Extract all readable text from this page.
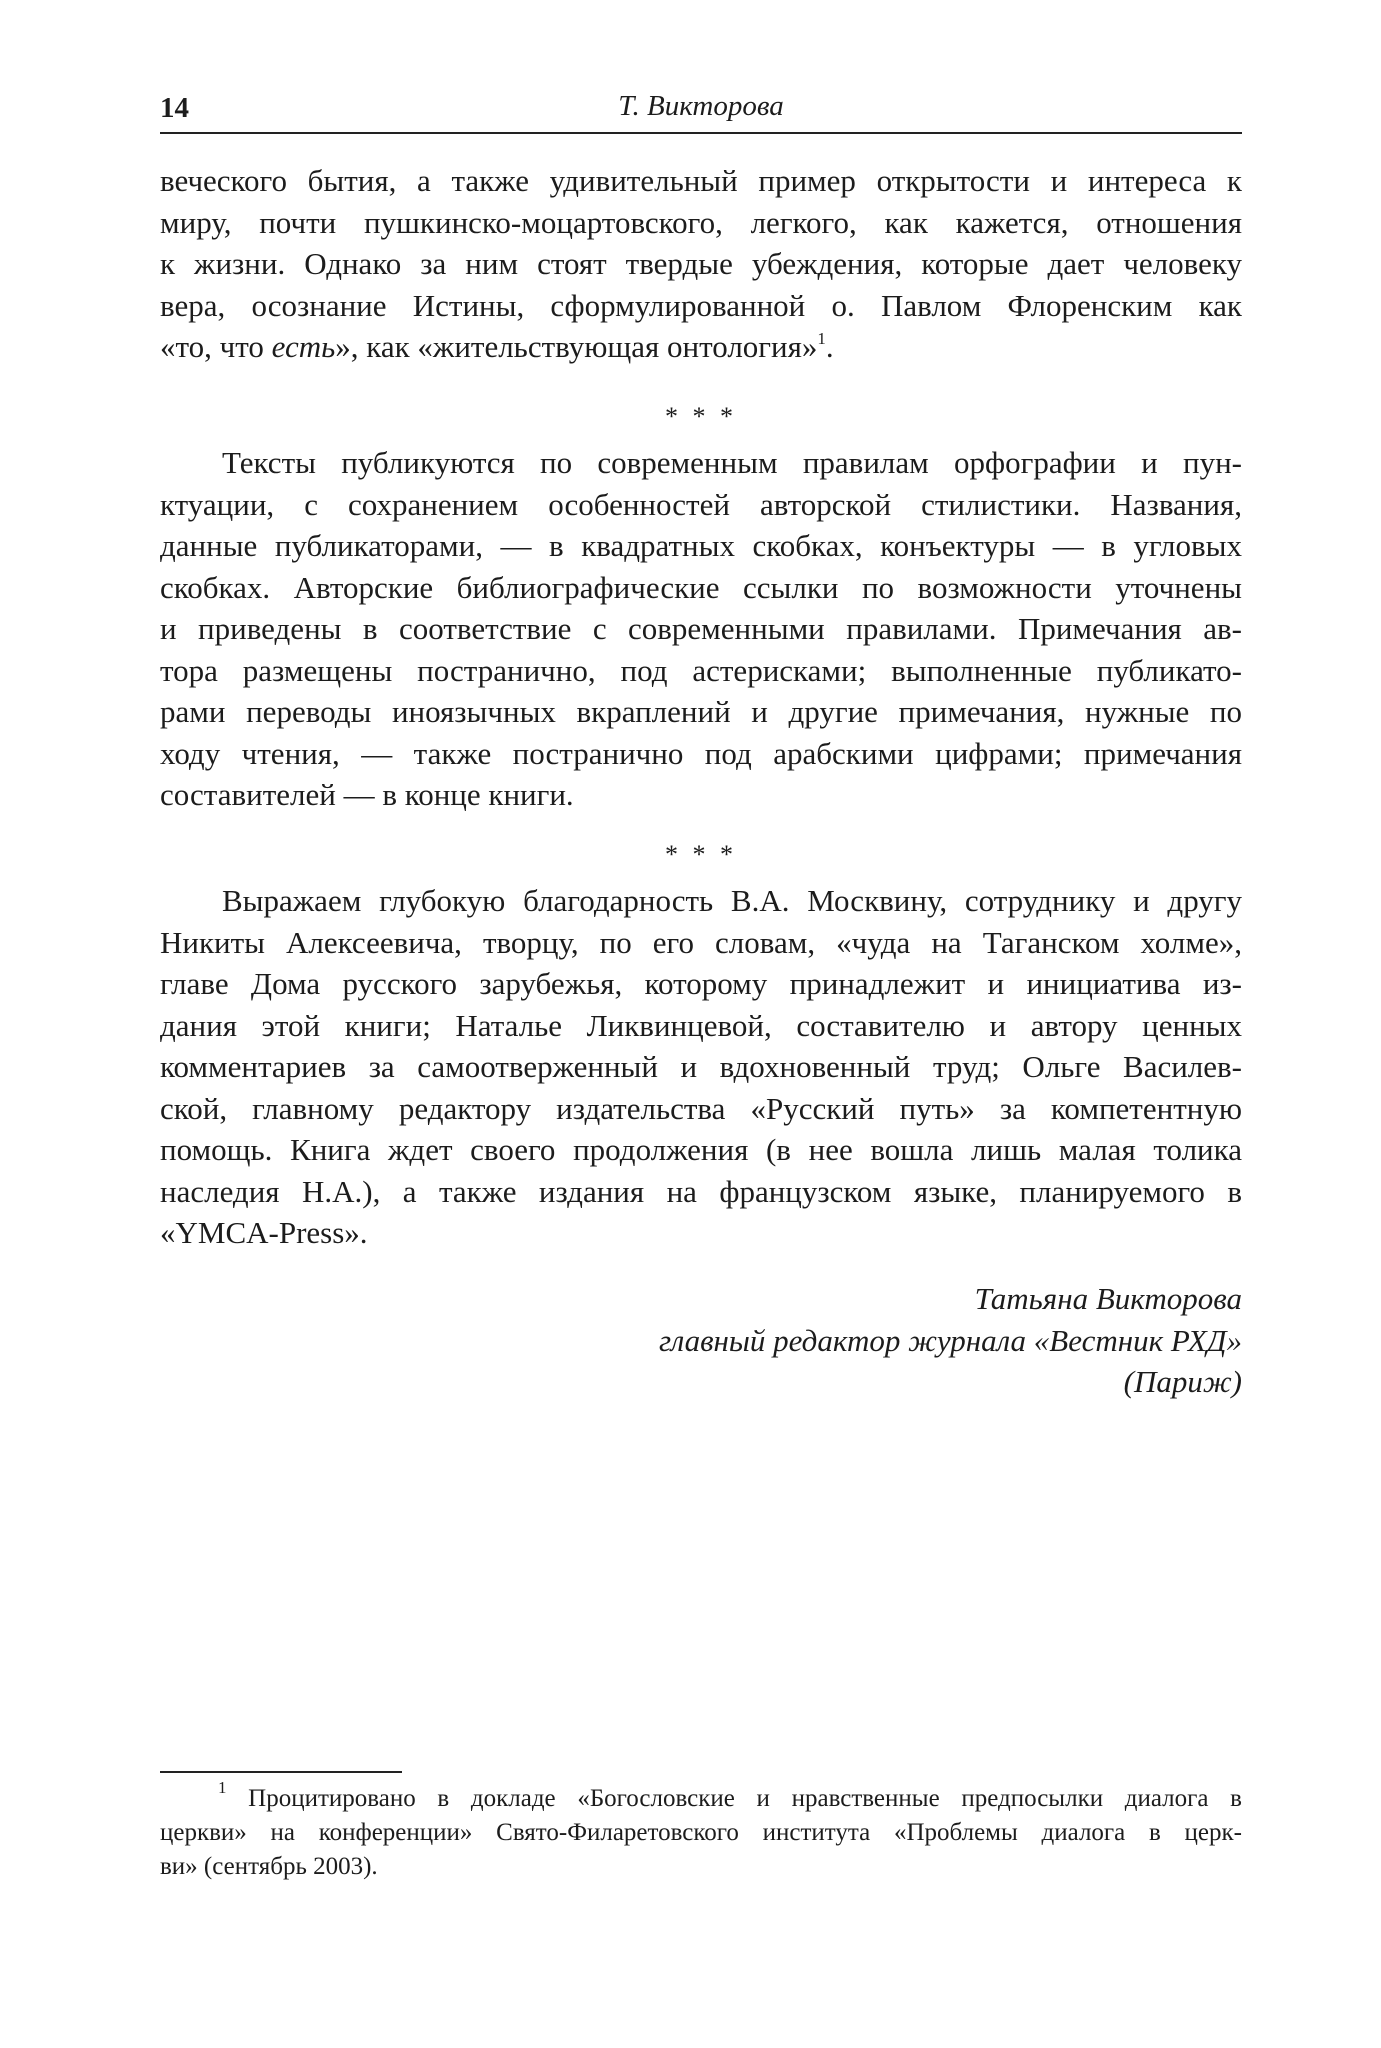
14	Т. Викторова
вечеcкого бытия, а также удивительный пример открытости и интереса к
миру, почти пушкинско-моцартовского, легкого, как кажется, отношения
к жизни. Однако за ним стоят твердые убеждения, которые дает человеку
вера, осознание Истины, сформулированной о. Павлом Флоренским как
«то, что есть», как «жительствующая онтология»$^1$.
* * *
Тексты публикуются по современным правилам орфографии и пун-
ктуации, с сохранением особенностей авторской стилистики. Названия,
данные публикаторами, — в квадратных скобках, конъектуры — в угловых
скобках. Авторские библиографические ссылки по возможности уточнены
и приведены в соответствие с современными правилами. Примечания ав-
тора размещены постранично, под астерисками; выполненные публикато-
рами переводы иноязычных вкраплений и другие примечания, нужные по
ходу чтения, — также постранично под арабскими цифрами; примечания
составителей — в конце книги.
* * *
Выражаем глубокую благодарность В.А. Москвину, сотруднику и другу
Никиты Алексеевича, творцу, по его словам, «чуда на Таганском холме»,
главе Дома русского зарубежья, которому принадлежит и инициатива из-
дания этой книги; Наталье Ликвинцевой, составителю и автору ценных
комментариев за самоотверженный и вдохновенный труд; Ольге Василев-
ской, главному редактору издательства «Русский путь» за компетентную
помощь. Книга ждет своего продолжения (в нее вошла лишь малая толика
наследия Н.А.), а также издания на французском языке, планируемого в
«YMCA-Press».
Татьяна Викторова
главный редактор журнала «Вестник РХД»
(Париж)
$^1$ Процитировано в докладе «Богословские и нравственные предпосылки диалога в
церкви» на конференции» Свято-Филаретовского института «Проблемы диалога в церк-
ви» (сентябрь 2003).
